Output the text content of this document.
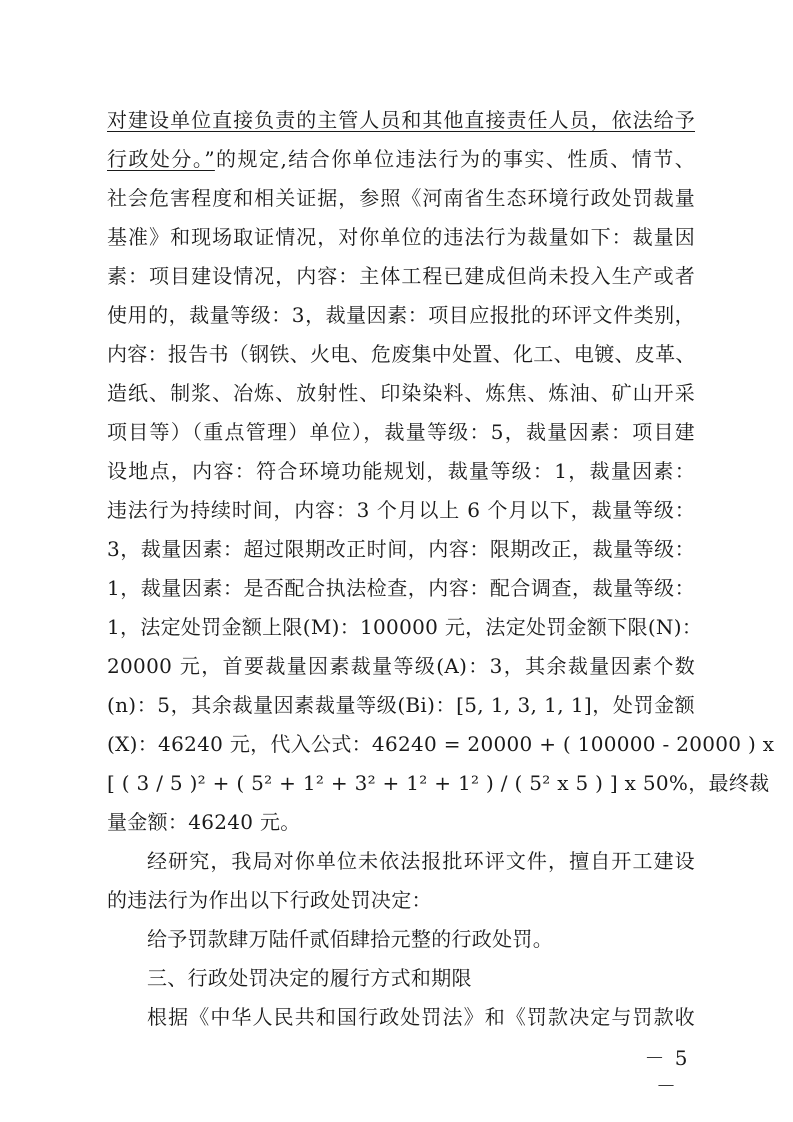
对建设单位直接负责的主管人员和其他直接责任人员，依法给予
行政处分。”的规定,结合你单位违法行为的事实、性质、情节、
社会危害程度和相关证据，参照《河南省生态环境行政处罚裁量
基准》和现场取证情况，对你单位的违法行为裁量如下：裁量因
素：项目建设情况，内容：主体工程已建成但尚未投入生产或者
使用的，裁量等级：3，裁量因素：项目应报批的环评文件类别，
内容：报告书（钢铁、火电、危废集中处置、化工、电镀、皮革、
造纸、制浆、冶炼、放射性、印染染料、炼焦、炼油、矿山开采
项目等）（重点管理）单位），裁量等级：5，裁量因素：项目建
设地点，内容：符合环境功能规划，裁量等级：1，裁量因素：
违法行为持续时间，内容：3 个月以上 6 个月以下，裁量等级：
3，裁量因素：超过限期改正时间，内容：限期改正，裁量等级：
1，裁量因素：是否配合执法检查，内容：配合调查，裁量等级：
1，法定处罚金额上限(M)：100000 元，法定处罚金额下限(N)：
20000 元，首要裁量因素裁量等级(A)：3，其余裁量因素个数
(n)：5，其余裁量因素裁量等级(Bi)：[5, 1, 3, 1, 1]，处罚金额
(X)：46240 元，代入公式：46240 = 20000 + ( 100000 - 20000 ) x
[ ( 3 / 5 )² + ( 5² + 1² + 3² + 1² + 1² ) / ( 5² x 5 ) ] x 50%，最终裁
量金额：46240 元。
经研究，我局对你单位未依法报批环评文件，擅自开工建设
的违法行为作出以下行政处罚决定：
给予罚款肆万陆仟贰佰肆拾元整的行政处罚。
三、行政处罚决定的履行方式和期限
根据《中华人民共和国行政处罚法》和《罚款决定与罚款收
－ 5 －
